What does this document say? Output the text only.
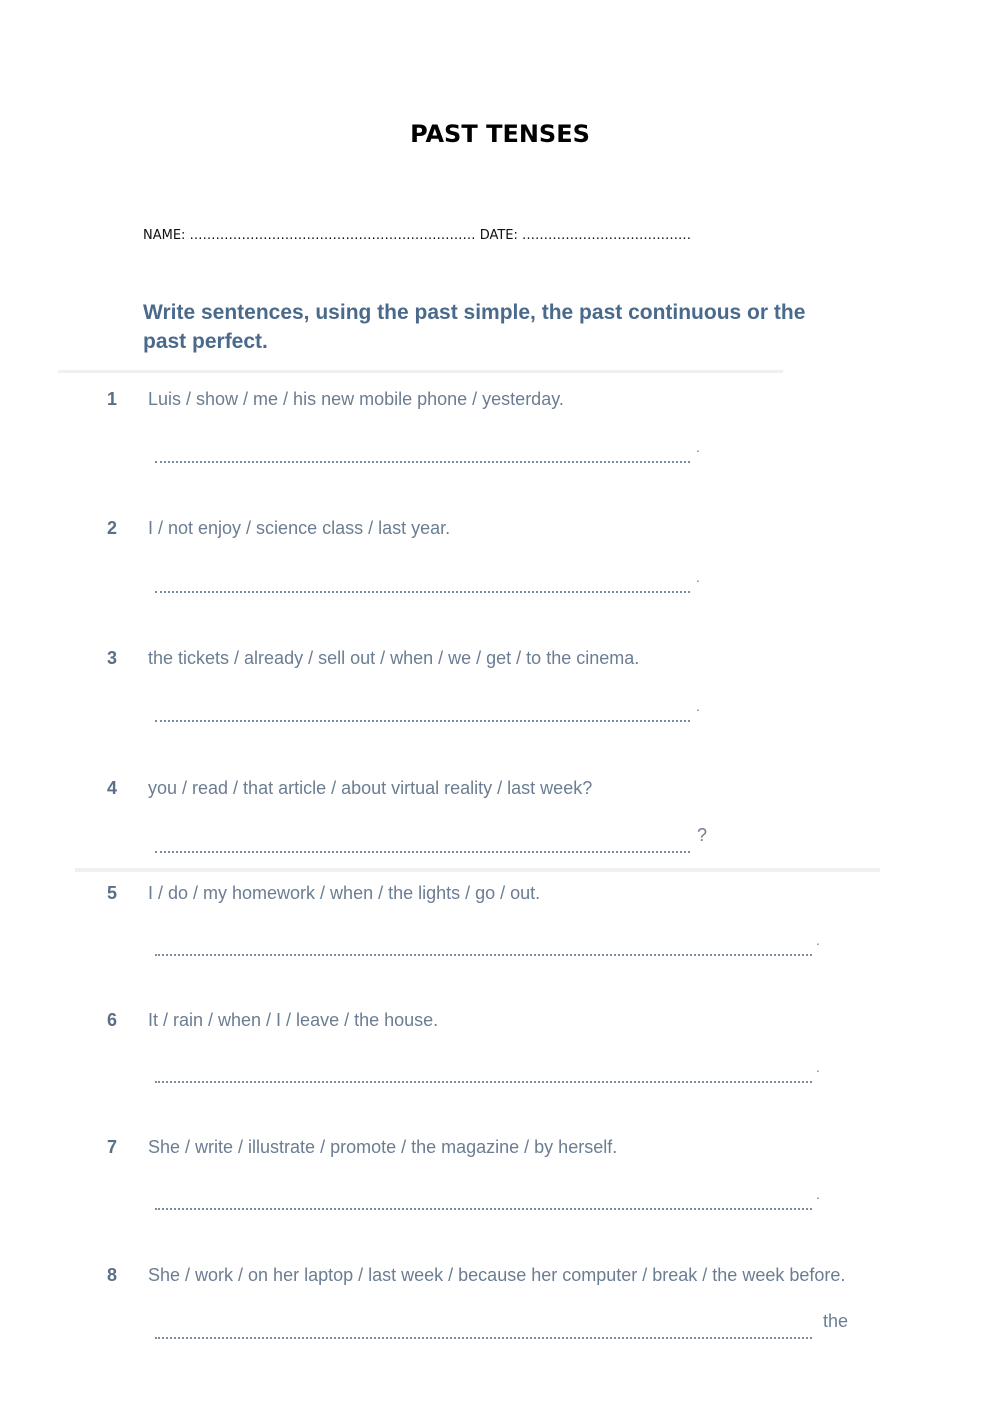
PAST TENSES
NAME: ………………………………………………………… DATE: …………………………………
Write sentences, using the past simple, the past continuous or the past perfect.
1 Luis / show / me / his new mobile phone / yesterday.
.
2 I / not enjoy / science class / last year.
.
3 the tickets / already / sell out / when / we / get / to the cinema.
.
4 you / read / that article / about virtual reality / last week?
?
5 I / do / my homework / when / the lights / go / out.
.
6 It / rain / when / I / leave / the house.
.
7 She / write / illustrate / promote / the magazine / by herself.
.
8 She / work / on her laptop / last week / because her computer / break / the week before.
the
